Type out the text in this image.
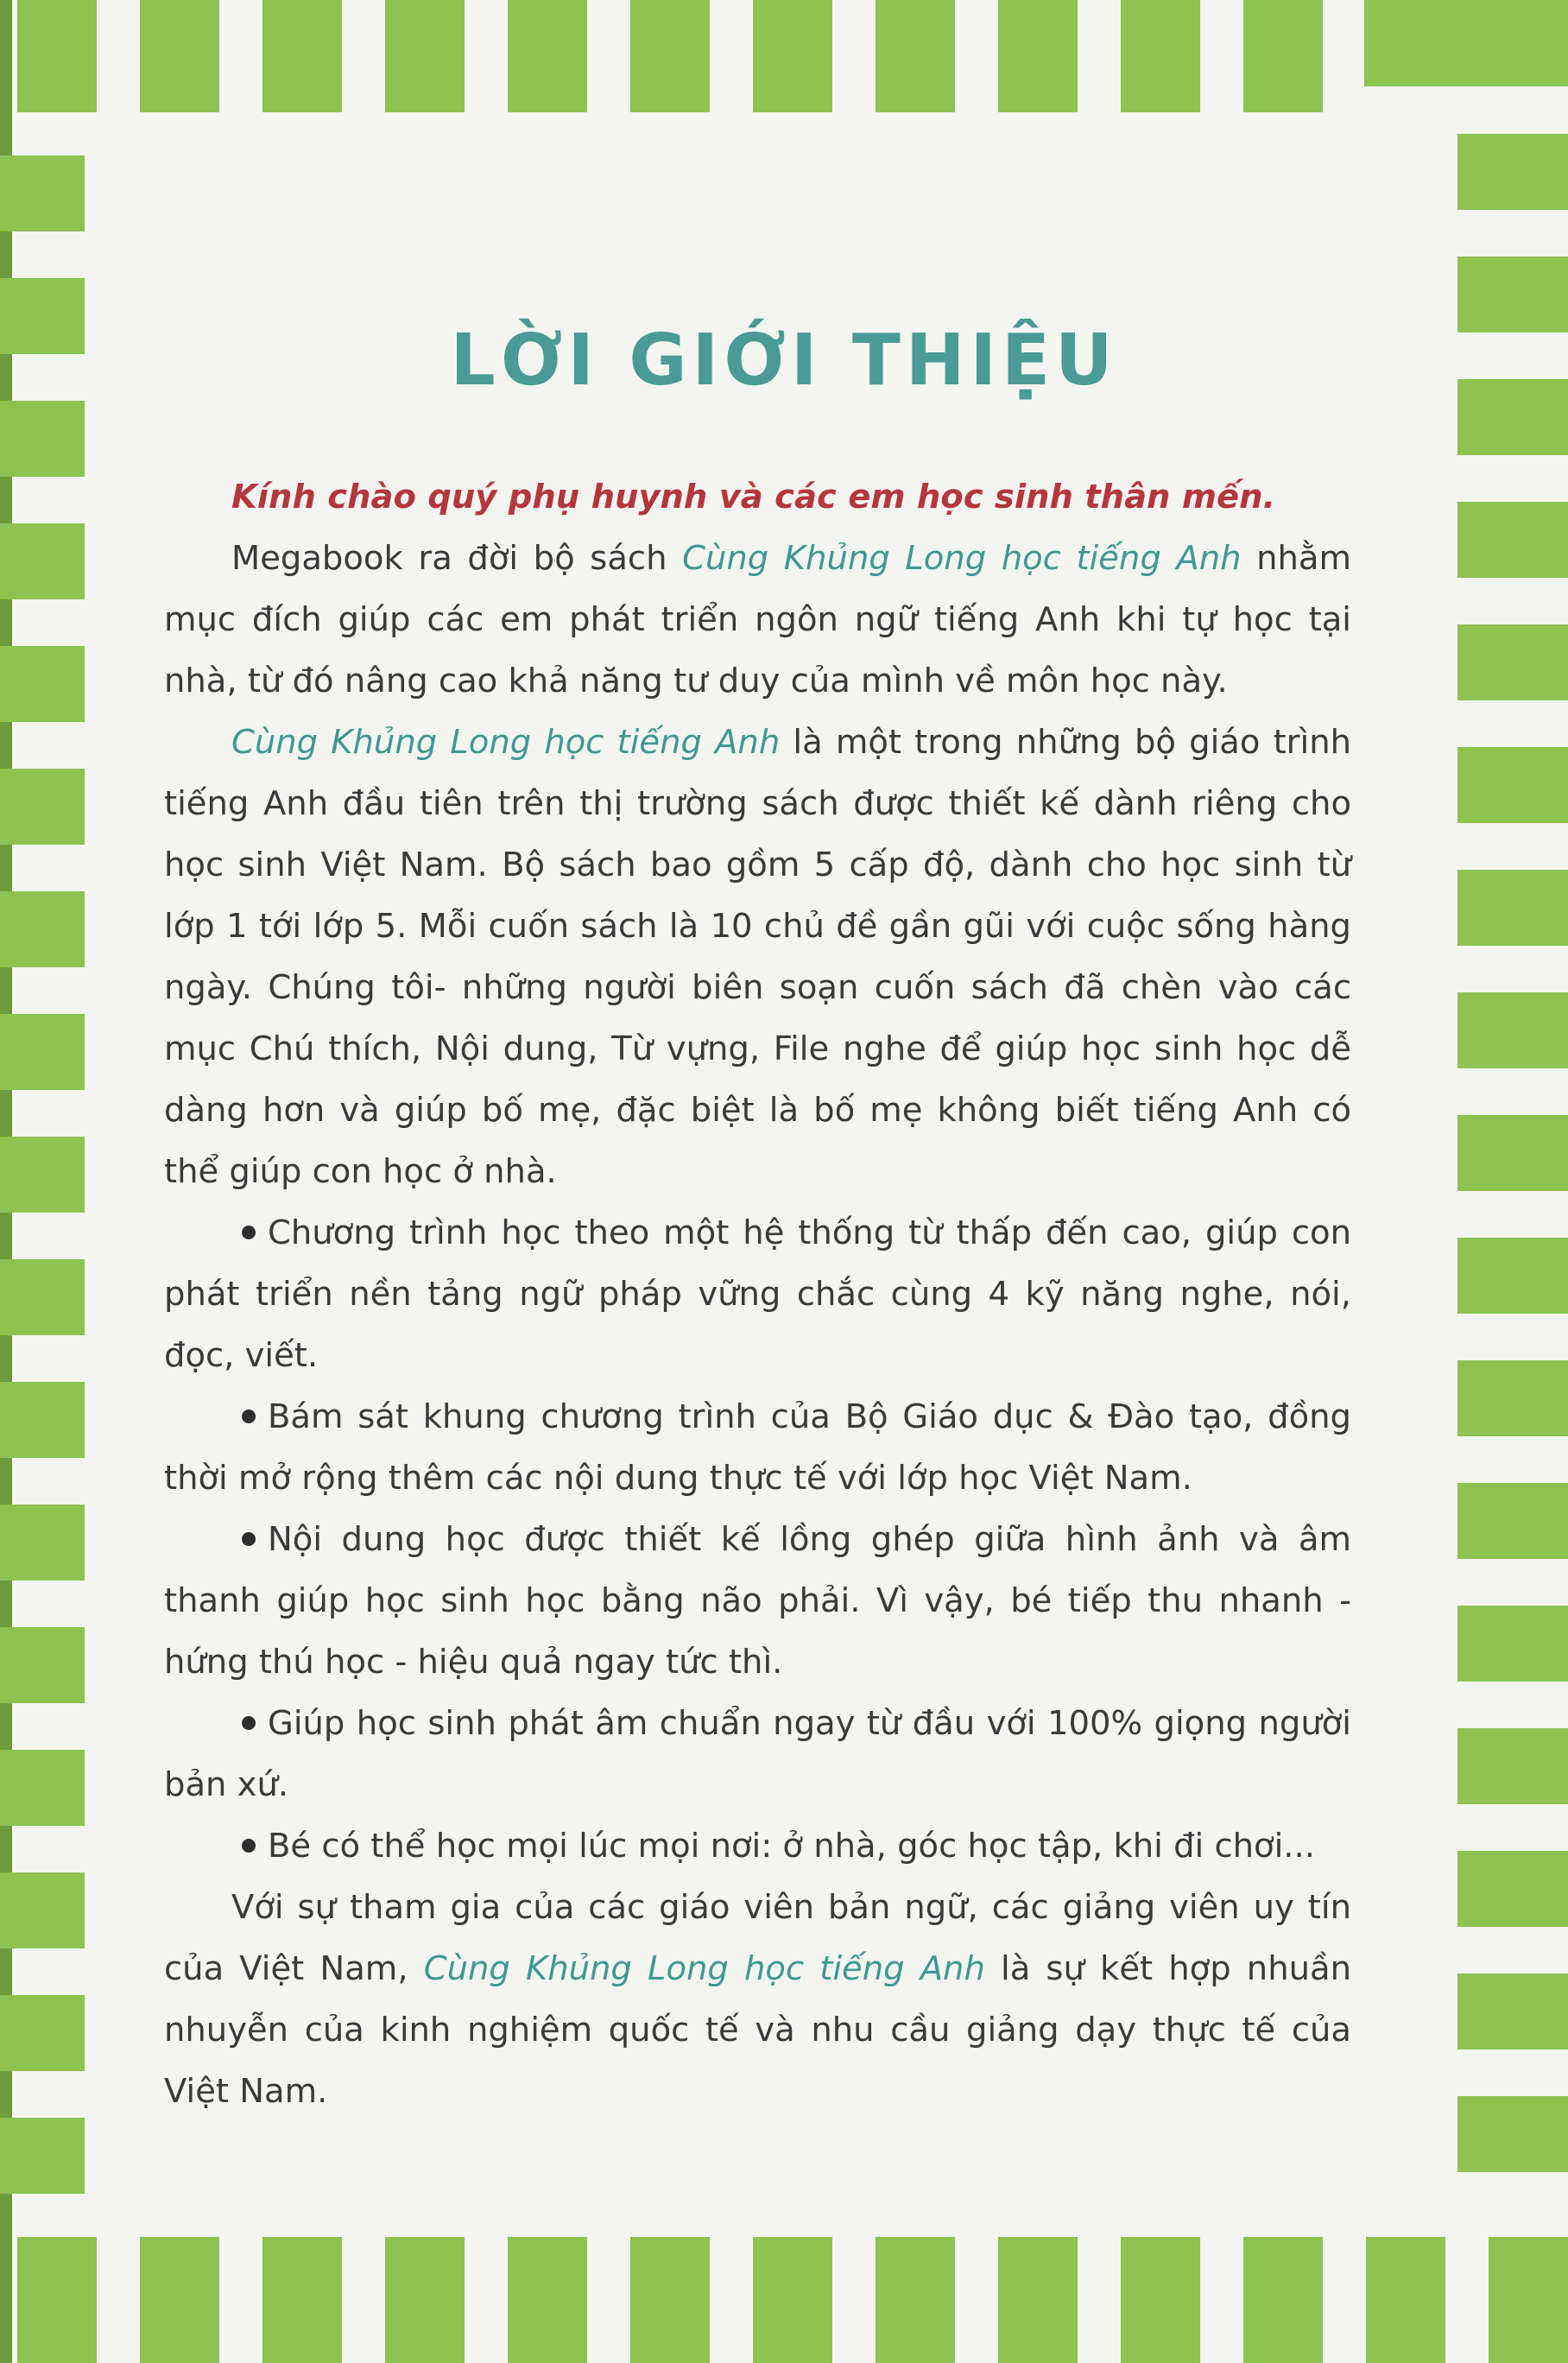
LỜI GIỚI THIỆU

Kính chào quý phụ huynh và các em học sinh thân mến.

Megabook ra đời bộ sách Cùng Khủng Long học tiếng Anh nhằm mục đích giúp các em phát triển ngôn ngữ tiếng Anh khi tự học tại nhà, từ đó nâng cao khả năng tư duy của mình về môn học này.

Cùng Khủng Long học tiếng Anh là một trong những bộ giáo trình tiếng Anh đầu tiên trên thị trường sách được thiết kế dành riêng cho học sinh Việt Nam. Bộ sách bao gồm 5 cấp độ, dành cho học sinh từ lớp 1 tới lớp 5. Mỗi cuốn sách là 10 chủ đề gần gũi với cuộc sống hàng ngày. Chúng tôi- những người biên soạn cuốn sách đã chèn vào các mục Chú thích, Nội dung, Từ vựng, File nghe để giúp học sinh học dễ dàng hơn và giúp bố mẹ, đặc biệt là bố mẹ không biết tiếng Anh có thể giúp con học ở nhà.

Chương trình học theo một hệ thống từ thấp đến cao, giúp con phát triển nền tảng ngữ pháp vững chắc cùng 4 kỹ năng nghe, nói, đọc, viết.

Bám sát khung chương trình của Bộ Giáo dục & Đào tạo, đồng thời mở rộng thêm các nội dung thực tế với lớp học Việt Nam.

Nội dung học được thiết kế lồng ghép giữa hình ảnh và âm thanh giúp học sinh học bằng não phải. Vì vậy, bé tiếp thu nhanh - hứng thú học - hiệu quả ngay tức thì.

Giúp học sinh phát âm chuẩn ngay từ đầu với 100% giọng người bản xứ.

Bé có thể học mọi lúc mọi nơi: ở nhà, góc học tập, khi đi chơi...

Với sự tham gia của các giáo viên bản ngữ, các giảng viên uy tín của Việt Nam, Cùng Khủng Long học tiếng Anh là sự kết hợp nhuần nhuyễn của kinh nghiệm quốc tế và nhu cầu giảng dạy thực tế của Việt Nam.
